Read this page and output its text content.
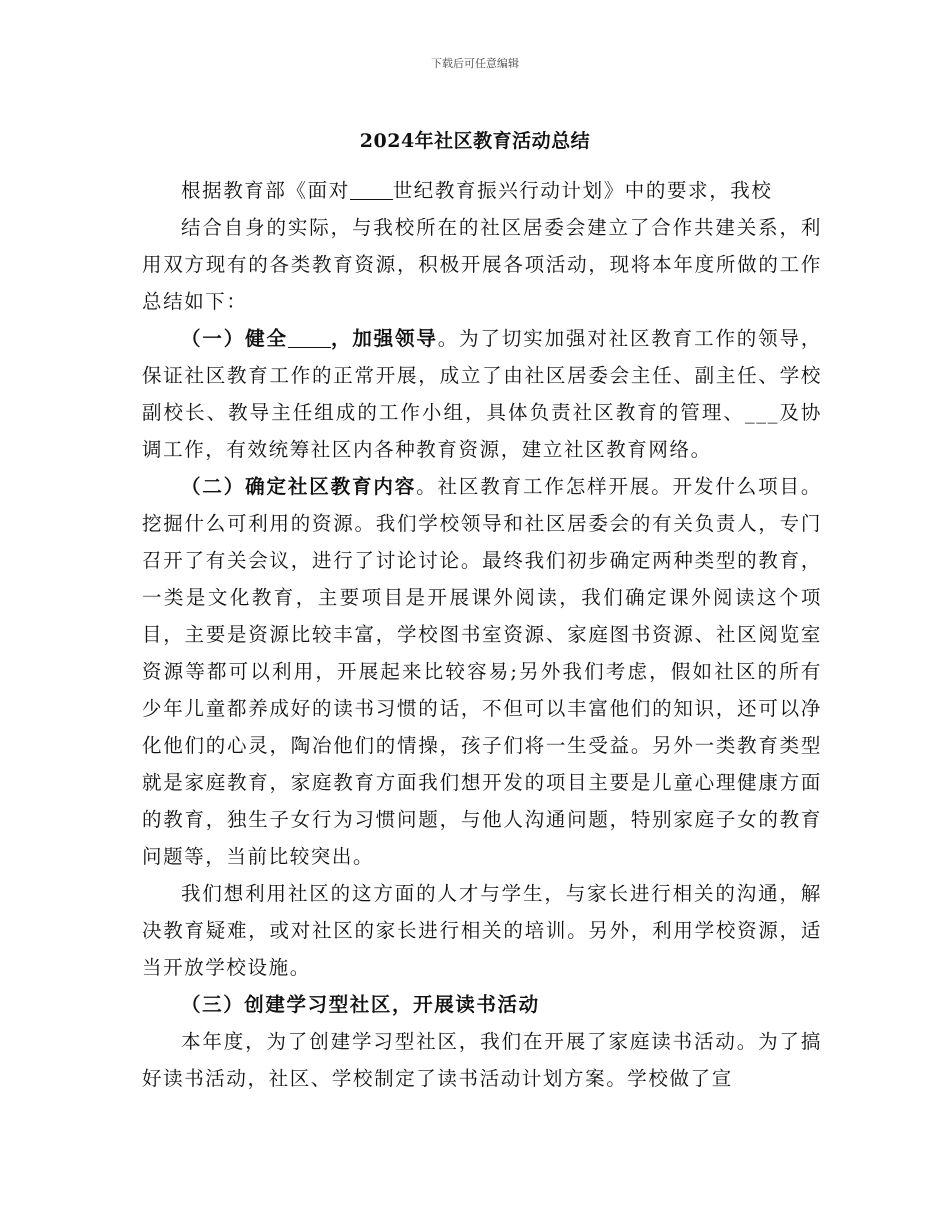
下载后可任意编辑
2024年社区教育活动总结

根据教育部《面对 世纪教育振兴行动计划》中的要求，我校

结合自身的实际，与我校所在的社区居委会建立了合作共建关系，利用双方现有的各类教育资源，积极开展各项活动，现将本年度所做的工作总结如下：

（一）健全 ，加强领导。为了切实加强对社区教育工作的领导，保证社区教育工作的正常开展，成立了由社区居委会主任、副主任、学校副校长、教导主任组成的工作小组，具体负责社区教育的管理、___及协调工作，有效统筹社区内各种教育资源，建立社区教育网络。

（二）确定社区教育内容。社区教育工作怎样开展。开发什么项目。挖掘什么可利用的资源。我们学校领导和社区居委会的有关负责人，专门召开了有关会议，进行了讨论讨论。最终我们初步确定两种类型的教育，一类是文化教育，主要项目是开展课外阅读，我们确定课外阅读这个项目，主要是资源比较丰富，学校图书室资源、家庭图书资源、社区阅览室资源等都可以利用，开展起来比较容易;另外我们考虑，假如社区的所有少年儿童都养成好的读书习惯的话，不但可以丰富他们的知识，还可以净化他们的心灵，陶冶他们的情操，孩子们将一生受益。另外一类教育类型就是家庭教育，家庭教育方面我们想开发的项目主要是儿童心理健康方面的教育，独生子女行为习惯问题，与他人沟通问题，特别家庭子女的教育问题等，当前比较突出。

我们想利用社区的这方面的人才与学生，与家长进行相关的沟通，解决教育疑难，或对社区的家长进行相关的培训。另外，利用学校资源，适当开放学校设施。

（三）创建学习型社区，开展读书活动

本年度，为了创建学习型社区，我们在开展了家庭读书活动。为了搞好读书活动，社区、学校制定了读书活动计划方案。学校做了宣
